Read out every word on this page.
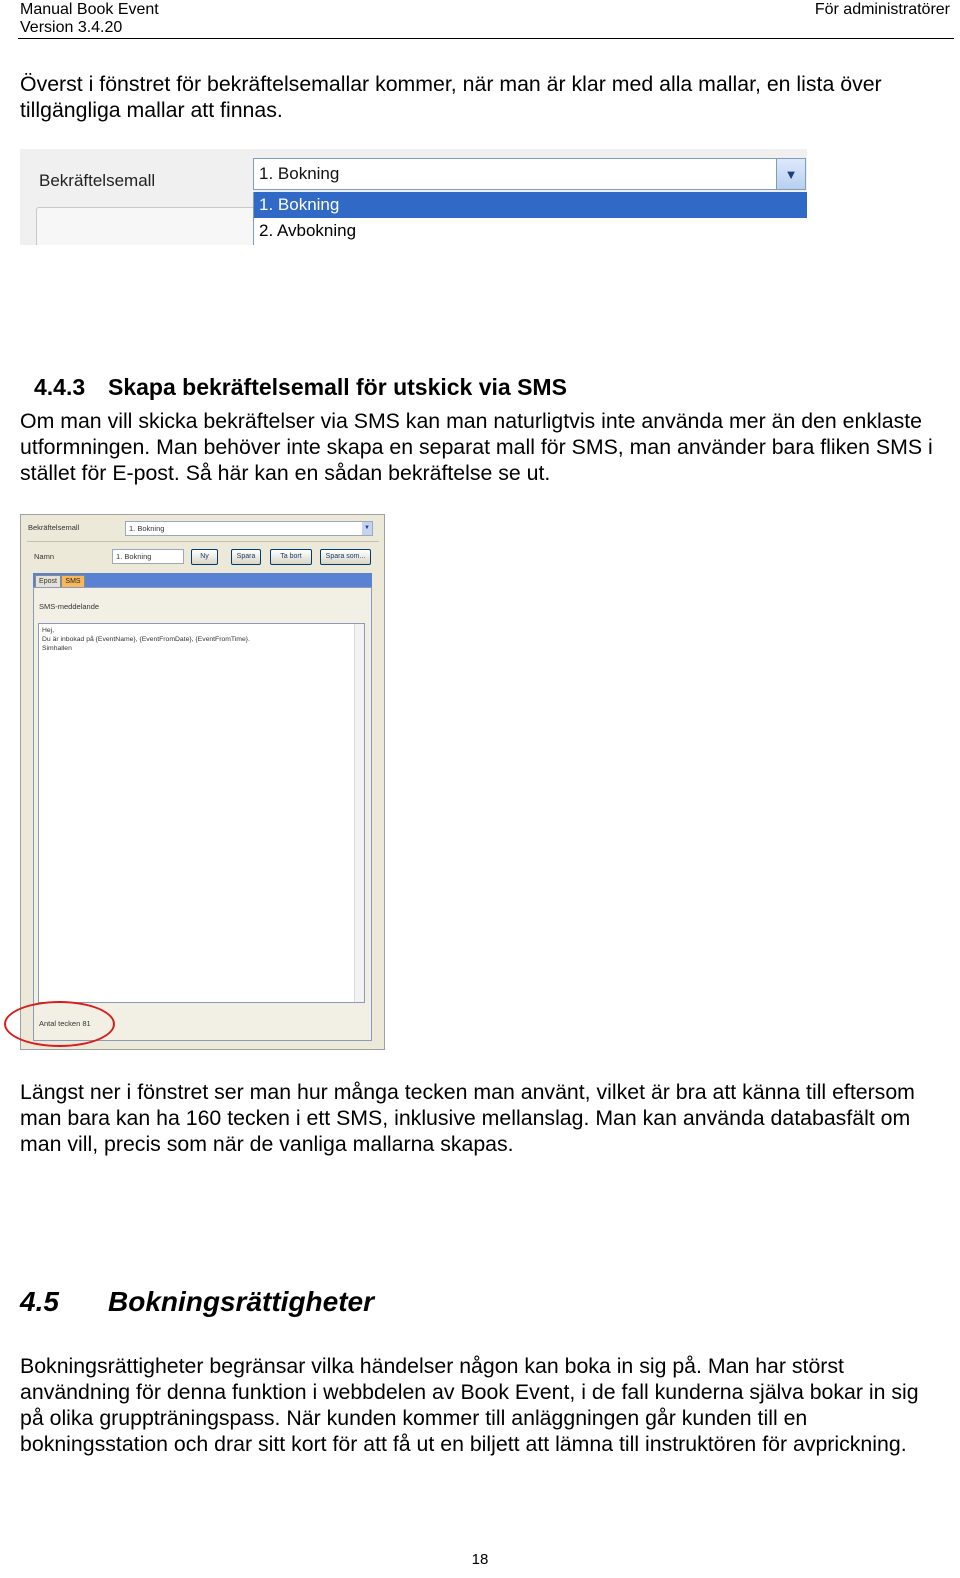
Manual Book Event
Version 3.4.20
För administratörer

Överst i fönstret för bekräftelsemallar kommer, när man är klar med alla mallar, en lista över tillgängliga mallar att finnas.

Bekräftelsemall	1. Bokning	▼
1. Bokning
2. Avbokning
4.4.3 Skapa bekräftelsemall för utskick via SMS

Om man vill skicka bekräftelser via SMS kan man naturligtvis inte använda mer än den enklaste utformningen. Man behöver inte skapa en separat mall för SMS, man använder bara fliken SMS i stället för E-post. Så här kan en sådan bekräftelse se ut.

Bekräftelsemall	1. Bokning	▼
Namn	1. Bokning	Ny	Spara	Ta bort	Spara som...
Epost	SMS
SMS-meddelande
Hej,
Du är inbokad på {EventName}, {EventFromDate}, {EventFromTime}.
Simhallen
Antal tecken 81

Längst ner i fönstret ser man hur många tecken man använt, vilket är bra att känna till eftersom man bara kan ha 160 tecken i ett SMS, inklusive mellanslag. Man kan använda databasfält om man vill, precis som när de vanliga mallarna skapas.

4.5 Bokningsrättigheter

Bokningsrättigheter begränsar vilka händelser någon kan boka in sig på. Man har störst användning för denna funktion i webbdelen av Book Event, i de fall kunderna själva bokar in sig på olika gruppträningspass. När kunden kommer till anläggningen går kunden till en bokningsstation och drar sitt kort för att få ut en biljett att lämna till instruktören för avprickning.

18
